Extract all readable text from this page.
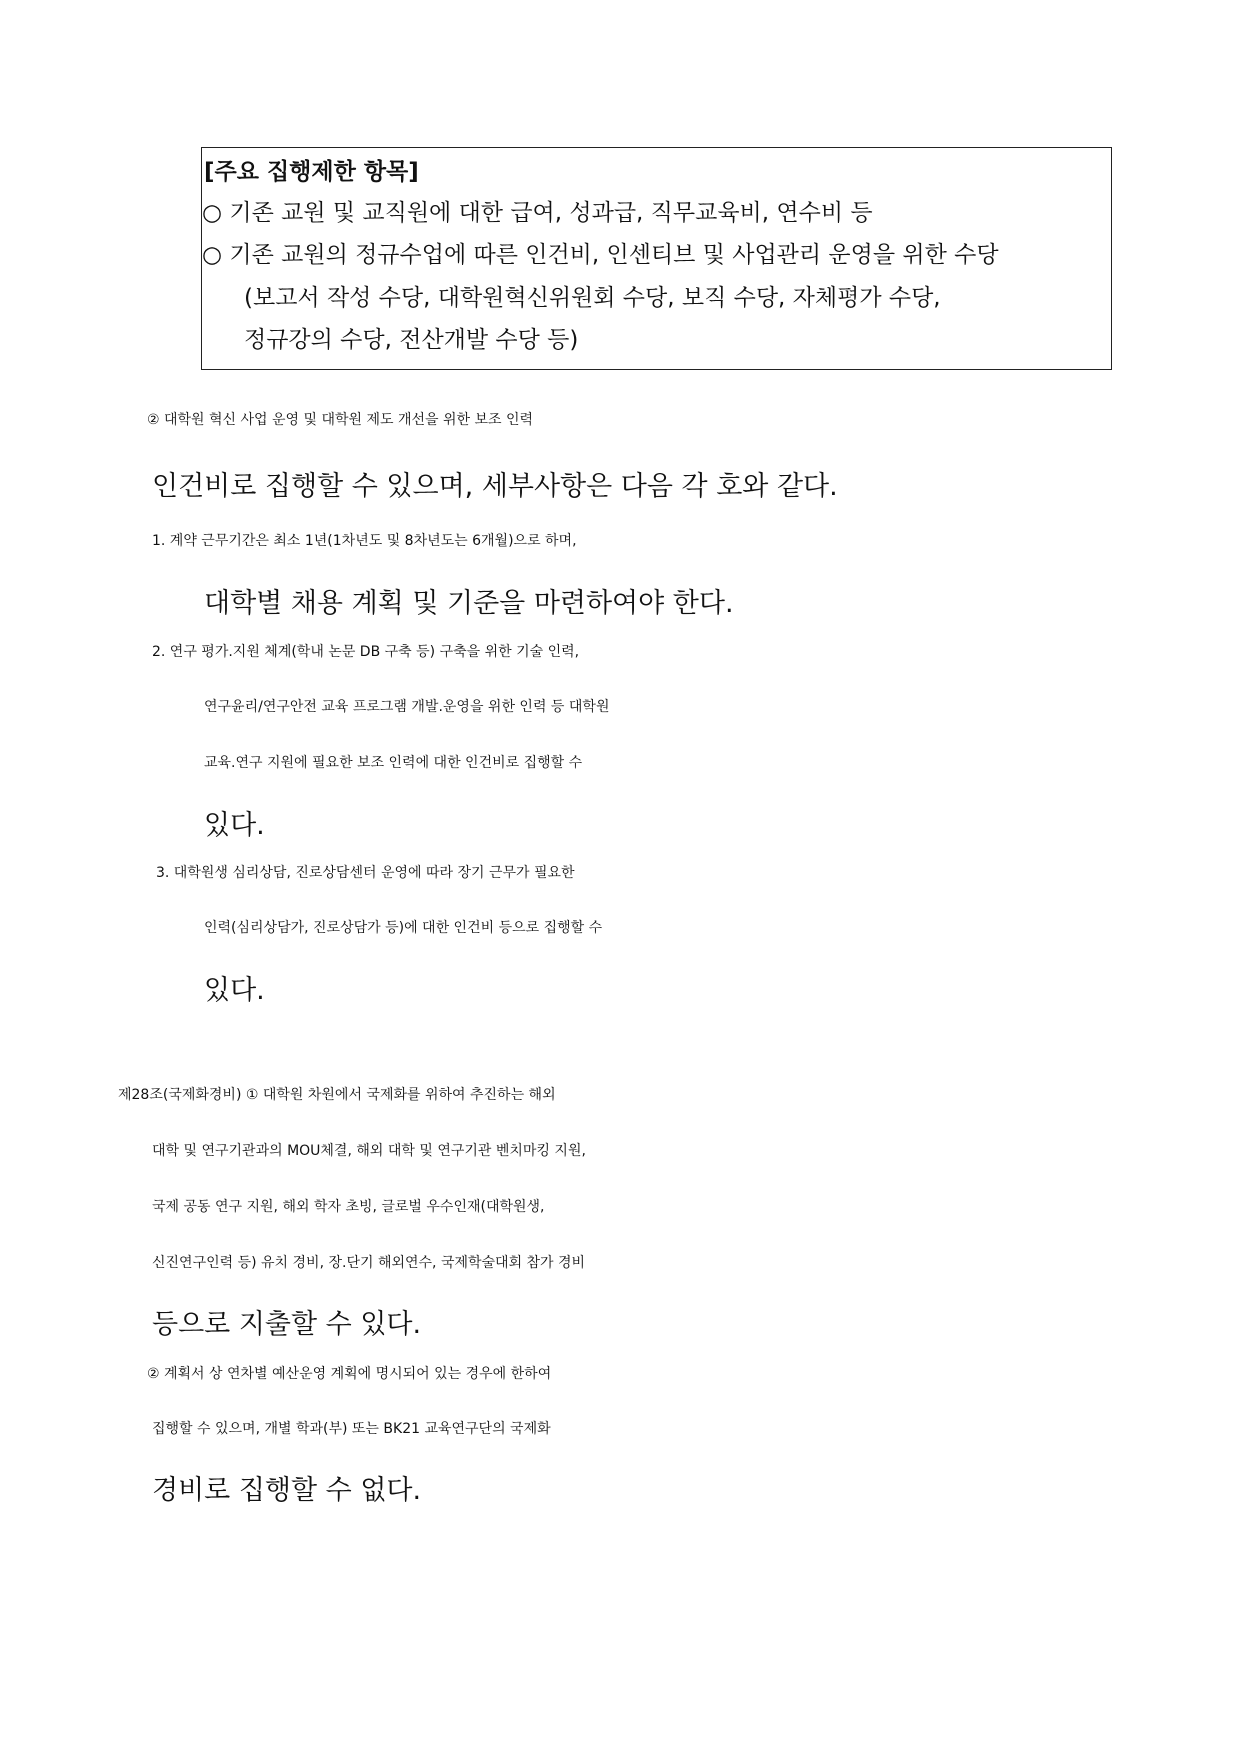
[주요 집행제한 항목]
○ 기존 교원 및 교직원에 대한 급여, 성과급, 직무교육비, 연수비 등
○ 기존 교원의 정규수업에 따른 인건비, 인센티브 및 사업관리 운영을 위한 수당
(보고서 작성 수당, 대학원혁신위원회 수당, 보직 수당, 자체평가 수당,
정규강의 수당, 전산개발 수당 등)
② 대학원 혁신 사업 운영 및 대학원 제도 개선을 위한 보조 인력
인건비로 집행할 수 있으며, 세부사항은 다음 각 호와 같다.
1. 계약 근무기간은 최소 1년(1차년도 및 8차년도는 6개월)으로 하며,
대학별 채용 계획 및 기준을 마련하여야 한다.
2. 연구 평가.지원 체계(학내 논문 DB 구축 등) 구축을 위한 기술 인력,
연구윤리/연구안전 교육 프로그램 개발.운영을 위한 인력 등 대학원
교육.연구 지원에 필요한 보조 인력에 대한 인건비로 집행할 수
있다.
3. 대학원생 심리상담, 진로상담센터 운영에 따라 장기 근무가 필요한
인력(심리상담가, 진로상담가 등)에 대한 인건비 등으로 집행할 수
있다.
제28조(국제화경비) ① 대학원 차원에서 국제화를 위하여 추진하는 해외
대학 및 연구기관과의 MOU체결, 해외 대학 및 연구기관 벤치마킹 지원,
국제 공동 연구 지원, 해외 학자 초빙, 글로벌 우수인재(대학원생,
신진연구인력 등) 유치 경비, 장.단기 해외연수, 국제학술대회 참가 경비
등으로 지출할 수 있다.
② 계획서 상 연차별 예산운영 계획에 명시되어 있는 경우에 한하여
집행할 수 있으며, 개별 학과(부) 또는 BK21 교육연구단의 국제화
경비로 집행할 수 없다.
